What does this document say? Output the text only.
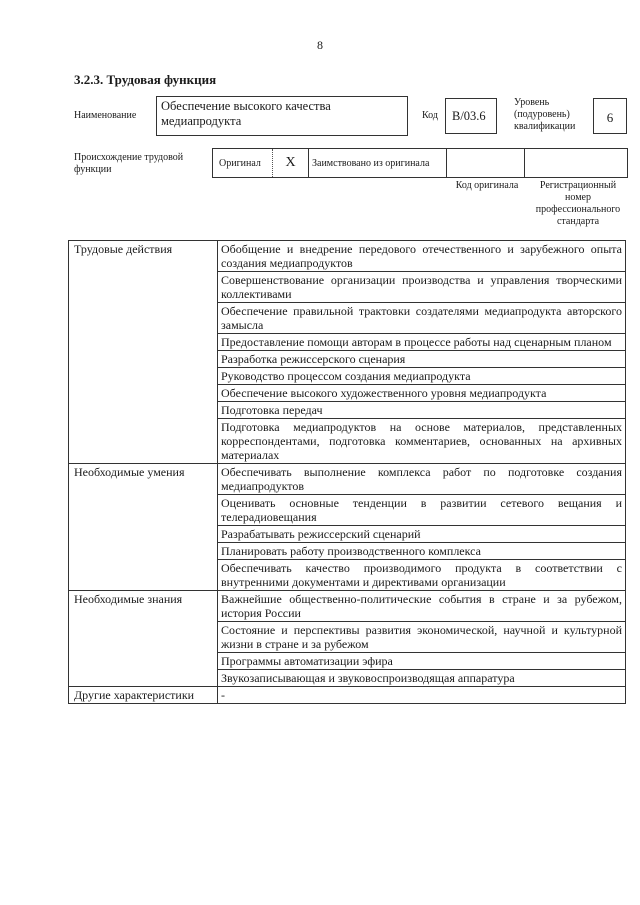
8
3.2.3. Трудовая функция
Наименование
Обеспечение высокого качества медиапродукта	Код	В/03.6
Уровень (подуровень) квалификации
6
Происхождение трудовой функции
Оригинал	X	Заимствовано из оригинала
Код оригинала	Регистрационный номер профессионального стандарта
Трудовые действия	Обобщение и внедрение передового отечественного и зарубежного опыта создания медиапродуктов
	Совершенствование организации производства и управления творческими коллективами
	Обеспечение правильной трактовки создателями медиапродукта авторского замысла
	Предоставление помощи авторам в процессе работы над сценарным планом
	Разработка режиссерского сценария
	Руководство процессом создания медиапродукта
	Обеспечение высокого художественного уровня медиапродукта
	Подготовка передач
	Подготовка медиапродуктов на основе материалов, представленных корреспондентами, подготовка комментариев, основанных на архивных материалах
Необходимые умения	Обеспечивать выполнение комплекса работ по подготовке создания медиапродуктов
	Оценивать основные тенденции в развитии сетевого вещания и телерадиовещания
	Разрабатывать режиссерский сценарий
	Планировать работу производственного комплекса
	Обеспечивать качество производимого продукта в соответствии с внутренними документами и директивами организации
Необходимые знания	Важнейшие общественно-политические события в стране и за рубежом, история России
	Состояние и перспективы развития экономической, научной и культурной жизни в стране и за рубежом
	Программы автоматизации эфира
	Звукозаписывающая и звуковоспроизводящая аппаратура
Другие характеристики	-
